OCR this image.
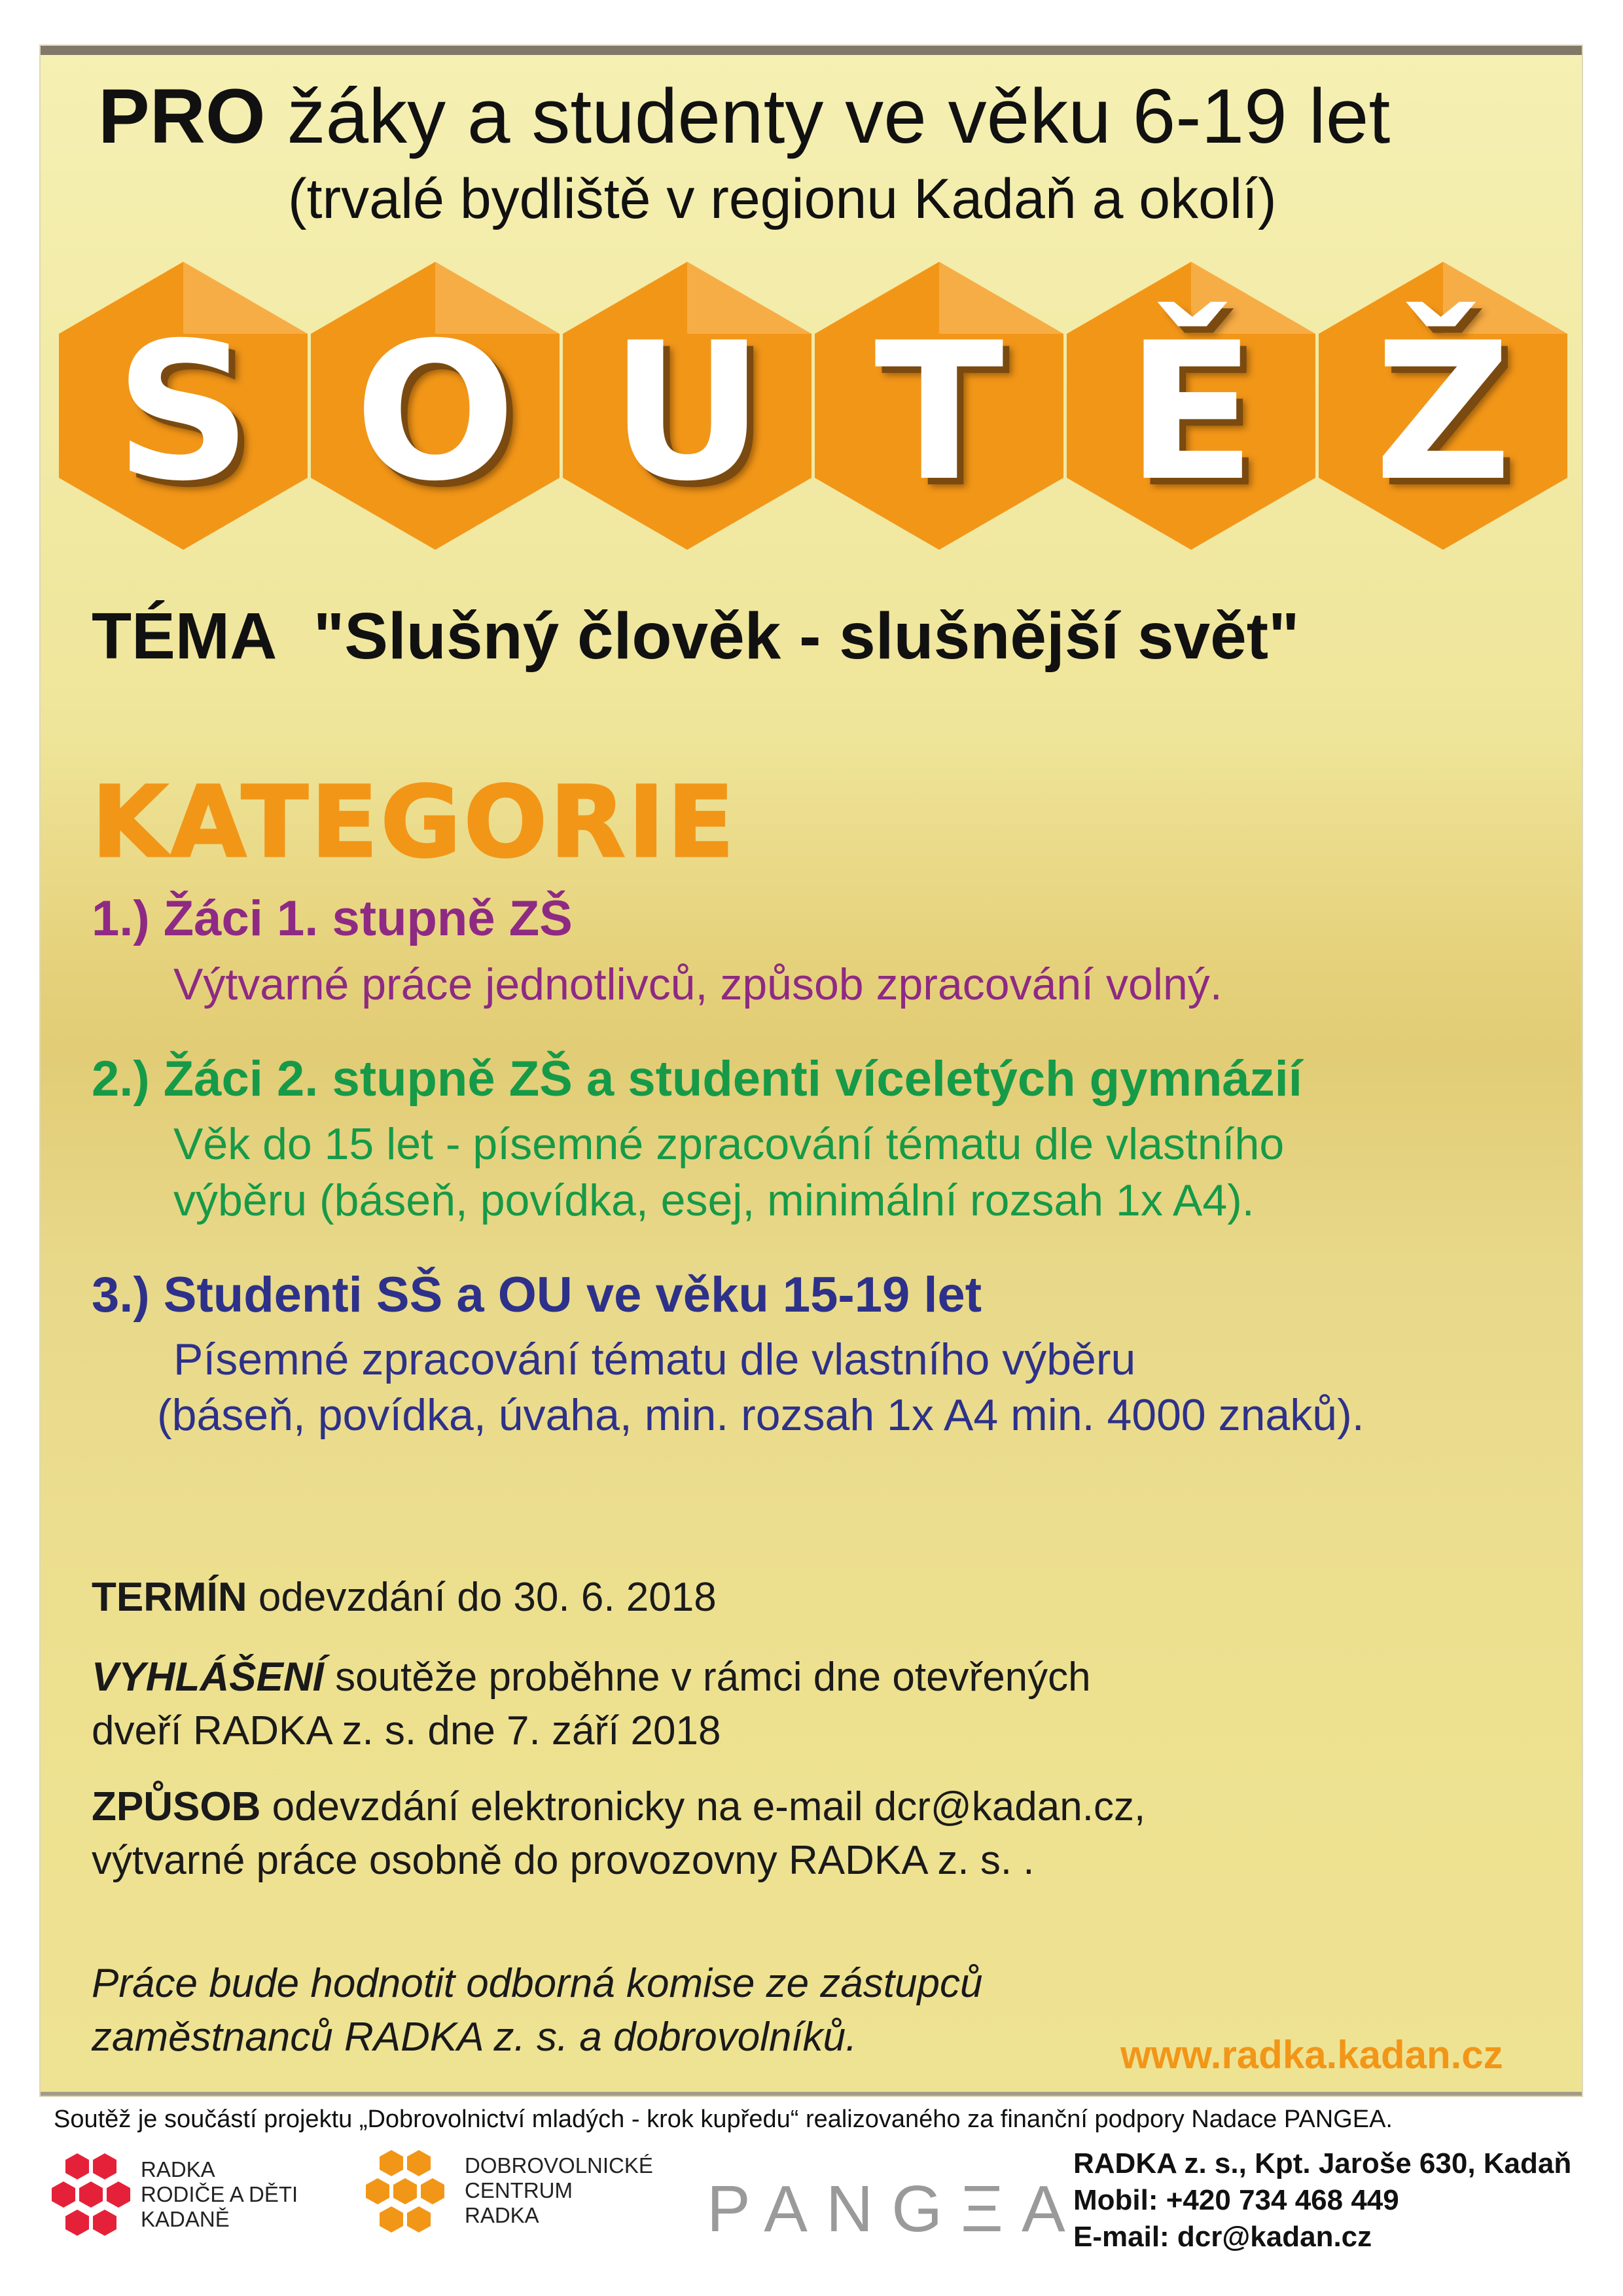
PRO žáky a studenty ve věku 6-19 let
(trvalé bydliště v regionu Kadaň a okolí)
S O U T Ě Ž
TÉMA "Slušný člověk - slušnější svět"
KATEGORIE
1.) Žáci 1. stupně ZŠ
Výtvarné práce jednotlivců, způsob zpracování volný.
2.) Žáci 2. stupně ZŠ a studenti víceletých gymnázií
Věk do 15 let - písemné zpracování tématu dle vlastního
výběru (báseň, povídka, esej, minimální rozsah 1x A4).
3.) Studenti SŠ a OU ve věku 15-19 let
Písemné zpracování tématu dle vlastního výběru
(báseň, povídka, úvaha, min. rozsah 1x A4 min. 4000 znaků).
TERMÍN odevzdání do 30. 6. 2018
VYHLÁŠENÍ soutěže proběhne v rámci dne otevřených
dveří RADKA z. s. dne 7. září 2018
ZPŮSOB odevzdání elektronicky na e-mail dcr@kadan.cz,
výtvarné práce osobně do provozovny RADKA z. s. .
Práce bude hodnotit odborná komise ze zástupců
zaměstnanců RADKA z. s. a dobrovolníků.	www.radka.kadan.cz
Soutěž je součástí projektu „Dobrovolnictví mladých - krok kupředu“ realizovaného za finanční podpory Nadace PANGEA.
RADKA
RODIČE A DĚTI
KADANĚ
DOBROVOLNICKÉ
CENTRUM
RADKA	PANGΞA
RADKA z. s., Kpt. Jaroše 630, Kadaň
Mobil: +420 734 468 449
E-mail: dcr@kadan.cz
